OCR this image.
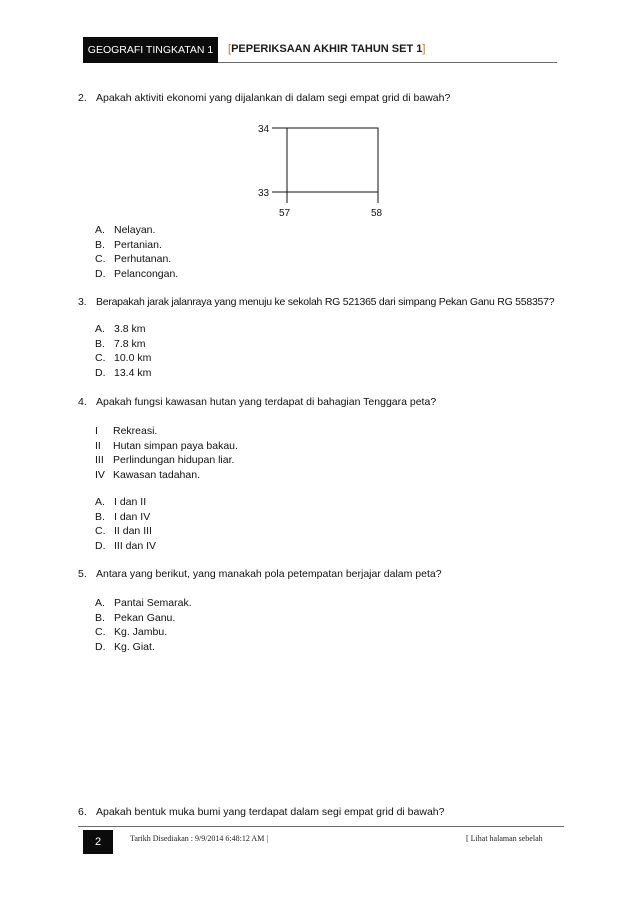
GEOGRAFI TINGKATAN 1	[PEPERIKSAAN AKHIR TAHUN SET 1]
2. Apakah aktiviti ekonomi yang dijalankan di dalam segi empat grid di bawah?
34
33
57	58
A. Nelayan.
B. Pertanian.
C. Perhutanan.
D. Pelancongan.
3. Berapakah jarak jalanraya yang menuju ke sekolah RG 521365 dari simpang Pekan Ganu RG 558357?
A. 3.8 km
B. 7.8 km
C. 10.0 km
D. 13.4 km
4. Apakah fungsi kawasan hutan yang terdapat di bahagian Tenggara peta?
I Rekreasi.
II Hutan simpan paya bakau.
III Perlindungan hidupan liar.
IV Kawasan tadahan.
A. I dan II
B. I dan IV
C. II dan III
D. III dan IV
5. Antara yang berikut, yang manakah pola petempatan berjajar dalam peta?
A. Pantai Semarak.
B. Pekan Ganu.
C. Kg. Jambu.
D. Kg. Giat.
6. Apakah bentuk muka bumi yang terdapat dalam segi empat grid di bawah?
2	Tarikh Disediakan : 9/9/2014 6:48:12 AM |	[ Lihat halaman sebelah
